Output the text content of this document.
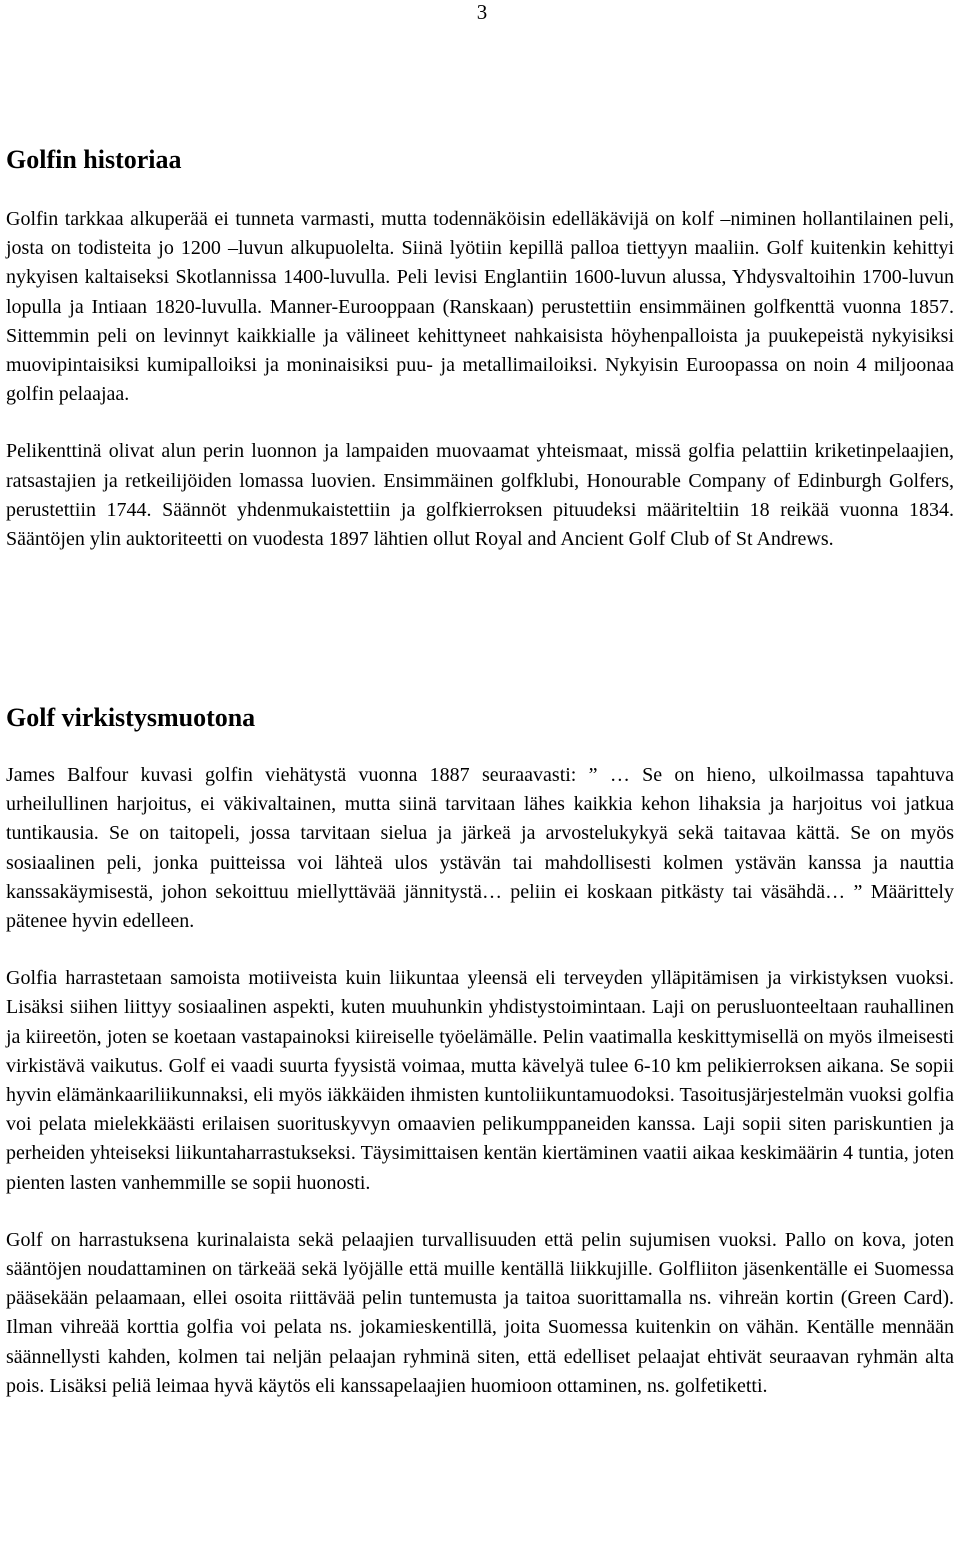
3
Golfin historiaa

Golfin tarkkaa alkuperää ei tunneta varmasti, mutta todennäköisin edelläkävijä on kolf –niminen hollantilainen peli, josta on todisteita jo 1200 –luvun alkupuolelta. Siinä lyötiin kepillä palloa tiettyyn maaliin. Golf kuitenkin kehittyi nykyisen kaltaiseksi Skotlannissa 1400-luvulla. Peli levisi Englantiin 1600-luvun alussa, Yhdysvaltoihin 1700-luvun lopulla ja Intiaan 1820-luvulla. Manner-Eurooppaan (Ranskaan) perustettiin ensimmäinen golfkenttä vuonna 1857. Sittemmin peli on levinnyt kaikkialle ja välineet kehittyneet nahkaisista höyhenpalloista ja puukepeistä nykyisiksi muovipintaisiksi kumipalloiksi ja moninaisiksi puu- ja metallimailoiksi. Nykyisin Euroopassa on noin 4 miljoonaa golfin pelaajaa.

Pelikenttinä olivat alun perin luonnon ja lampaiden muovaamat yhteismaat, missä golfia pelattiin kriketinpelaajien, ratsastajien ja retkeilijöiden lomassa luovien. Ensimmäinen golfklubi, Honourable Company of Edinburgh Golfers, perustettiin 1744. Säännöt yhdenmukaistettiin ja golfkierroksen pituudeksi määriteltiin 18 reikää vuonna 1834. Sääntöjen ylin auktoriteetti on vuodesta 1897 lähtien ollut Royal and Ancient Golf Club of St Andrews.

Golf virkistysmuotona

James Balfour kuvasi golfin viehätystä vuonna 1887 seuraavasti: ” … Se on hieno, ulkoilmassa tapahtuva urheilullinen harjoitus, ei väkivaltainen, mutta siinä tarvitaan lähes kaikkia kehon lihaksia ja harjoitus voi jatkua tuntikausia. Se on taitopeli, jossa tarvitaan sielua ja järkeä ja arvostelukykyä sekä taitavaa kättä. Se on myös sosiaalinen peli, jonka puitteissa voi lähteä ulos ystävän tai mahdollisesti kolmen ystävän kanssa ja nauttia kanssakäymisestä, johon sekoittuu miellyttävää jännitystä… peliin ei koskaan pitkästy tai väsähdä… ” Määrittely pätenee hyvin edelleen.

Golfia harrastetaan samoista motiiveista kuin liikuntaa yleensä eli terveyden ylläpitämisen ja virkistyksen vuoksi. Lisäksi siihen liittyy sosiaalinen aspekti, kuten muuhunkin yhdistystoimintaan. Laji on perusluonteeltaan rauhallinen ja kiireetön, joten se koetaan vastapainoksi kiireiselle työelämälle. Pelin vaatimalla keskittymisellä on myös ilmeisesti virkistävä vaikutus. Golf ei vaadi suurta fyysistä voimaa, mutta kävelyä tulee 6-10 km pelikierroksen aikana. Se sopii hyvin elämänkaariliikunnaksi, eli myös iäkkäiden ihmisten kuntoliikuntamuodoksi. Tasoitusjärjestelmän vuoksi golfia voi pelata mielekkäästi erilaisen suorituskyvyn omaavien pelikumppaneiden kanssa. Laji sopii siten pariskuntien ja perheiden yhteiseksi liikuntaharrastukseksi. Täysimittaisen kentän kiertäminen vaatii aikaa keskimäärin 4 tuntia, joten pienten lasten vanhemmille se sopii huonosti.

Golf on harrastuksena kurinalaista sekä pelaajien turvallisuuden että pelin sujumisen vuoksi. Pallo on kova, joten sääntöjen noudattaminen on tärkeää sekä lyöjälle että muille kentällä liikkujille. Golfliiton jäsenkentälle ei Suomessa pääsekään pelaamaan, ellei osoita riittävää pelin tuntemusta ja taitoa suorittamalla ns. vihreän kortin (Green Card). Ilman vihreää korttia golfia voi pelata ns. jokamieskentillä, joita Suomessa kuitenkin on vähän. Kentälle mennään säännellysti kahden, kolmen tai neljän pelaajan ryhminä siten, että edelliset pelaajat ehtivät seuraavan ryhmän alta pois. Lisäksi peliä leimaa hyvä käytös eli kanssapelaajien huomioon ottaminen, ns. golfetiketti.
